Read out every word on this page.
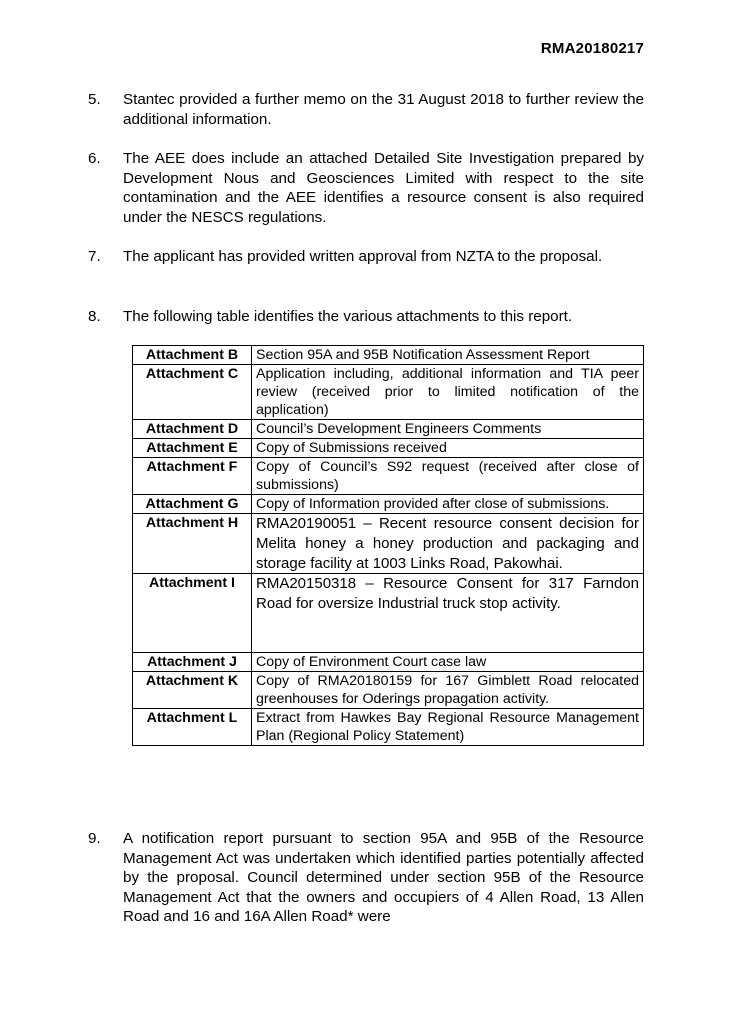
RMA20180217
5. Stantec provided a further memo on the 31 August 2018 to further review the additional information.
6. The AEE does include an attached Detailed Site Investigation prepared by Development Nous and Geosciences Limited with respect to the site contamination and the AEE identifies a resource consent is also required under the NESCS regulations.
7. The applicant has provided written approval from NZTA to the proposal.
8. The following table identifies the various attachments to this report.
Attachment B	Section 95A and 95B Notification Assessment Report
Attachment C	Application including, additional information and TIA peer review (received prior to limited notification of the application)
Attachment D	Council’s Development Engineers Comments
Attachment E	Copy of Submissions received
Attachment F	Copy of Council’s S92 request (received after close of submissions)
Attachment G	Copy of Information provided after close of submissions.
Attachment H	RMA20190051 – Recent resource consent decision for Melita honey a honey production and packaging and storage facility at 1003 Links Road, Pakowhai.
Attachment I	RMA20150318 – Resource Consent for 317 Farndon Road for oversize Industrial truck stop activity.
Attachment J	Copy of Environment Court case law
Attachment K	Copy of RMA20180159 for 167 Gimblett Road relocated greenhouses for Oderings propagation activity.
Attachment L	Extract from Hawkes Bay Regional Resource Management Plan (Regional Policy Statement)
9. A notification report pursuant to section 95A and 95B of the Resource Management Act was undertaken which identified parties potentially affected by the proposal. Council determined under section 95B of the Resource Management Act that the owners and occupiers of 4 Allen Road, 13 Allen Road and 16 and 16A Allen Road* were
